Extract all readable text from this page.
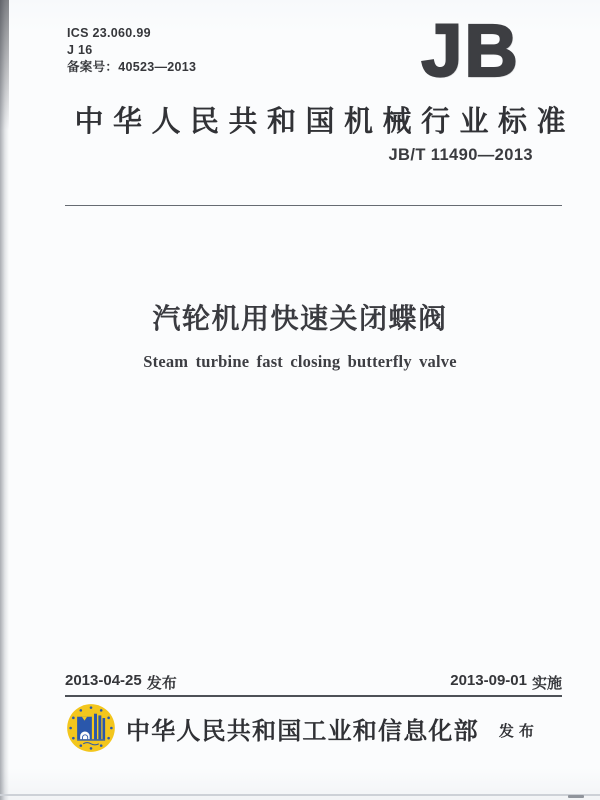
ICS 23.060.99
J 16
备案号：40523—2013	JB
中华人民共和国机械行业标准
JB/T 11490—2013
汽轮机用快速关闭蝶阀
Steam turbine fast closing butterfly valve
2013-04-25 发布	2013-09-01 实施
中华人民共和国工业和信息化部 发布
